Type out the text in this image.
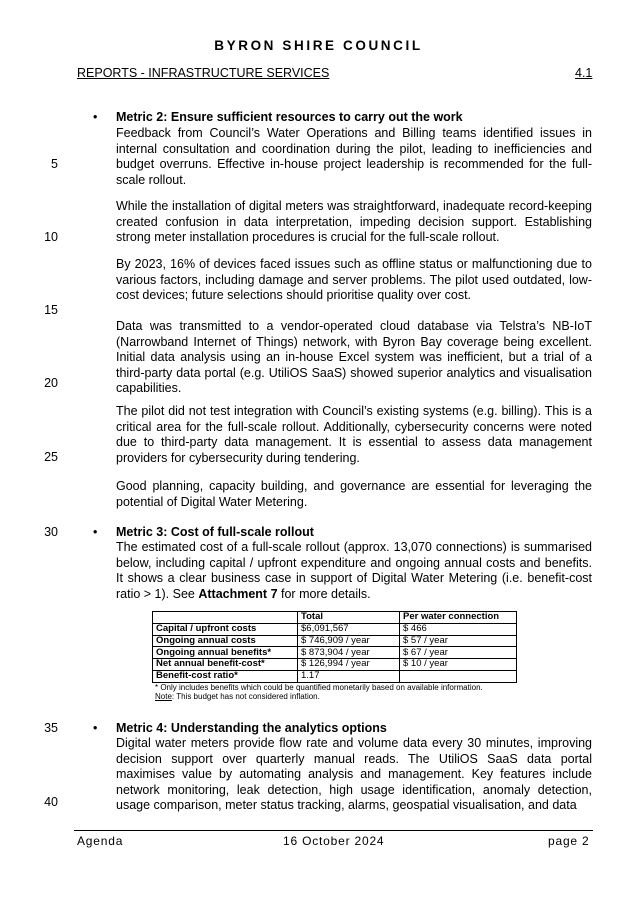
BYRON SHIRE COUNCIL
REPORTS - INFRASTRUCTURE SERVICES	4.1
5
10
15
20
25
30
35
40
• Metric 2: Ensure sufficient resources to carry out the work
Feedback from Council’s Water Operations and Billing teams identified issues in internal consultation and coordination during the pilot, leading to inefficiencies and budget overruns. Effective in-house project leadership is recommended for the full-scale rollout.
While the installation of digital meters was straightforward, inadequate record-keeping created confusion in data interpretation, impeding decision support. Establishing strong meter installation procedures is crucial for the full-scale rollout.
By 2023, 16% of devices faced issues such as offline status or malfunctioning due to various factors, including damage and server problems. The pilot used outdated, low-cost devices; future selections should prioritise quality over cost.
Data was transmitted to a vendor-operated cloud database via Telstra’s NB-IoT (Narrowband Internet of Things) network, with Byron Bay coverage being excellent. Initial data analysis using an in-house Excel system was inefficient, but a trial of a third-party data portal (e.g. UtiliOS SaaS) showed superior analytics and visualisation capabilities.
The pilot did not test integration with Council’s existing systems (e.g. billing). This is a critical area for the full-scale rollout. Additionally, cybersecurity concerns were noted due to third-party data management. It is essential to assess data management providers for cybersecurity during tendering.
Good planning, capacity building, and governance are essential for leveraging the potential of Digital Water Metering.
• Metric 3: Cost of full-scale rollout
The estimated cost of a full-scale rollout (approx. 13,070 connections) is summarised below, including capital / upfront expenditure and ongoing annual costs and benefits. It shows a clear business case in support of Digital Water Metering (i.e. benefit-cost ratio > 1). See Attachment 7 for more details.
	Total	Per water connection
Capital / upfront costs	$6,091,567	$ 466
Ongoing annual costs	$ 746,909 / year	$ 57 / year
Ongoing annual benefits*	$ 873,904 / year	$ 67 / year
Net annual benefit-cost*	$ 126,994 / year	$ 10 / year
Benefit-cost ratio*	1.17	
* Only includes benefits which could be quantified monetarily based on available information.
Note: This budget has not considered inflation.
• Metric 4: Understanding the analytics options
Digital water meters provide flow rate and volume data every 30 minutes, improving decision support over quarterly manual reads. The UtiliOS SaaS data portal maximises value by automating analysis and management. Key features include network monitoring, leak detection, high usage identification, anomaly detection, usage comparison, meter status tracking, alarms, geospatial visualisation, and data
Agenda	16 October 2024	page 2
